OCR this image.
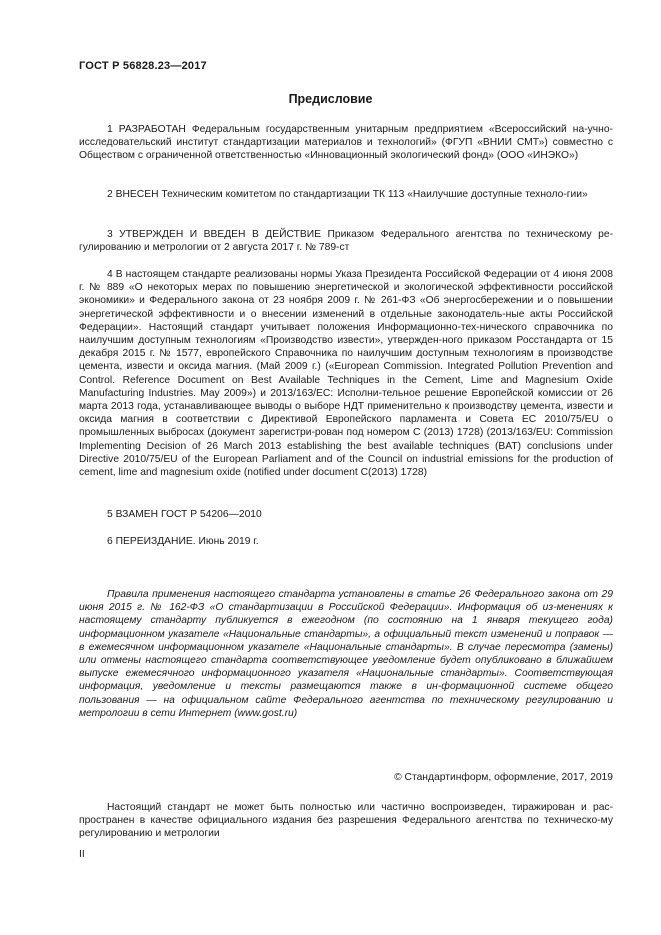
ГОСТ Р 56828.23—2017
Предисловие

1 РАЗРАБОТАН Федеральным государственным унитарным предприятием «Всероссийский на-учно-исследовательский институт стандартизации материалов и технологий» (ФГУП «ВНИИ СМТ») совместно с Обществом с ограниченной ответственностью «Инновационный экологический фонд» (ООО «ИНЭКО»)

2 ВНЕСЕН Техническим комитетом по стандартизации ТК 113 «Наилучшие доступные техноло-гии»

3 УТВЕРЖДЕН И ВВЕДЕН В ДЕЙСТВИЕ Приказом Федерального агентства по техническому ре-гулированию и метрологии от 2 августа 2017 г. № 789-ст

4 В настоящем стандарте реализованы нормы Указа Президента Российской Федерации от 4 июня 2008 г. № 889 «О некоторых мерах по повышению энергетической и экологической эффективности российской экономики» и Федерального закона от 23 ноября 2009 г. № 261-ФЗ «Об энергосбережении и о повышении энергетической эффективности и о внесении изменений в отдельные законодатель-ные акты Российской Федерации». Настоящий стандарт учитывает положения Информационно-тех-нического справочника по наилучшим доступным технологиям «Производство извести», утвержден-ного приказом Росстандарта от 15 декабря 2015 г. № 1577, европейского Справочника по наилучшим доступным технологиям в производстве цемента, извести и оксида магния. (Май 2009 г.) («European Commission. Integrated Pollution Prevention and Control. Reference Document on Best Available Techniques in the Cement, Lime and Magnesium Oxide Manufacturing Industries. May 2009») и 2013/163/EC: Исполни-тельное решение Европейской комиссии от 26 марта 2013 года, устанавливающее выводы о выборе НДТ применительно к производству цемента, извести и оксида магния в соответствии с Директивой Европейского парламента и Совета ЕС 2010/75/EU о промышленных выбросах (документ зарегистри-рован под номером С (2013) 1728) (2013/163/EU: Commission Implementing Decision of 26 March 2013 establishing the best available techniques (BAT) conclusions under Directive 2010/75/EU of the European Parliament and of the Council on industrial emissions for the production of cement, lime and magnesium oxide (notified under document C(2013) 1728)

5 ВЗАМЕН ГОСТ Р 54206—2010

6 ПЕРЕИЗДАНИЕ. Июнь 2019 г.

Правила применения настоящего стандарта установлены в статье 26 Федерального закона от 29 июня 2015 г. № 162-ФЗ «О стандартизации в Российской Федерации». Информация об из-менениях к настоящему стандарту публикуется в ежегодном (по состоянию на 1 января текущего года) информационном указателе «Национальные стандарты», а официальный текст изменений и поправок — в ежемесячном информационном указателе «Национальные стандарты». В случае пересмотра (замены) или отмены настоящего стандарта соответствующее уведомление будет опубликовано в ближайшем выпуске ежемесячного информационного указателя «Национальные стандарты». Соответствующая информация, уведомление и тексты размещаются также в ин-формационной системе общего пользования — на официальном сайте Федерального агентства по техническому регулированию и метрологии в сети Интернет (www.gost.ru)

© Стандартинформ, оформление, 2017, 2019

Настоящий стандарт не может быть полностью или частично воспроизведен, тиражирован и рас-пространен в качестве официального издания без разрешения Федерального агентства по техническо-му регулированию и метрологии

II
